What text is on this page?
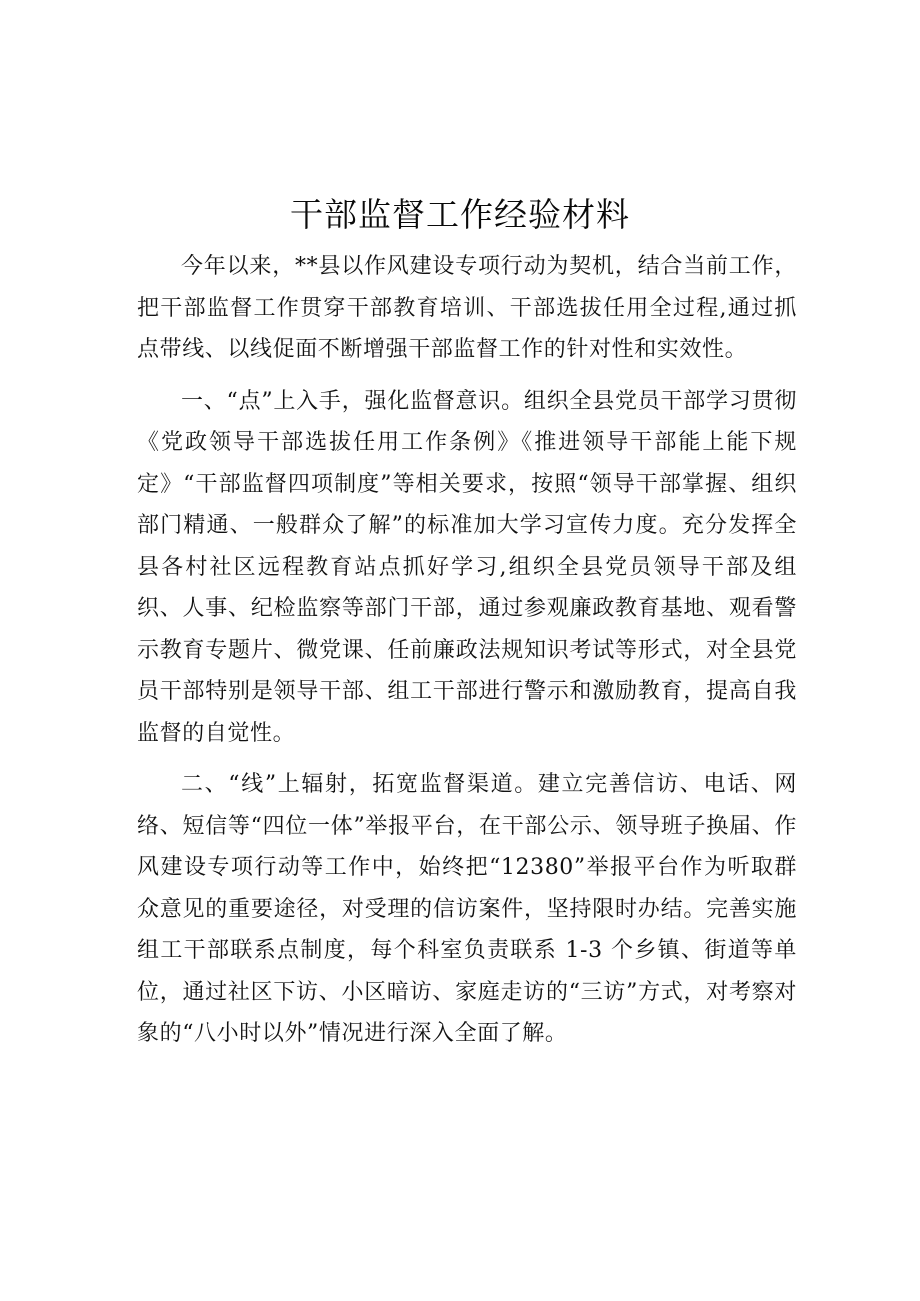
干部监督工作经验材料

今年以来，**县以作风建设专项行动为契机，结合当前工作，把干部监督工作贯穿干部教育培训、干部选拔任用全过程,通过抓点带线、以线促面不断增强干部监督工作的针对性和实效性。

一、“点”上入手，强化监督意识。组织全县党员干部学习贯彻《党政领导干部选拔任用工作条例》《推进领导干部能上能下规定》“干部监督四项制度”等相关要求，按照“领导干部掌握、组织部门精通、一般群众了解”的标准加大学习宣传力度。充分发挥全县各村社区远程教育站点抓好学习,组织全县党员领导干部及组织、人事、纪检监察等部门干部，通过参观廉政教育基地、观看警示教育专题片、微党课、任前廉政法规知识考试等形式，对全县党员干部特别是领导干部、组工干部进行警示和激励教育，提高自我监督的自觉性。

二、“线”上辐射，拓宽监督渠道。建立完善信访、电话、网络、短信等“四位一体”举报平台，在干部公示、领导班子换届、作风建设专项行动等工作中，始终把“12380”举报平台作为听取群众意见的重要途径，对受理的信访案件，坚持限时办结。完善实施组工干部联系点制度，每个科室负责联系 1-3 个乡镇、街道等单位，通过社区下访、小区暗访、家庭走访的“三访”方式，对考察对象的“八小时以外”情况进行深入全面了解。
